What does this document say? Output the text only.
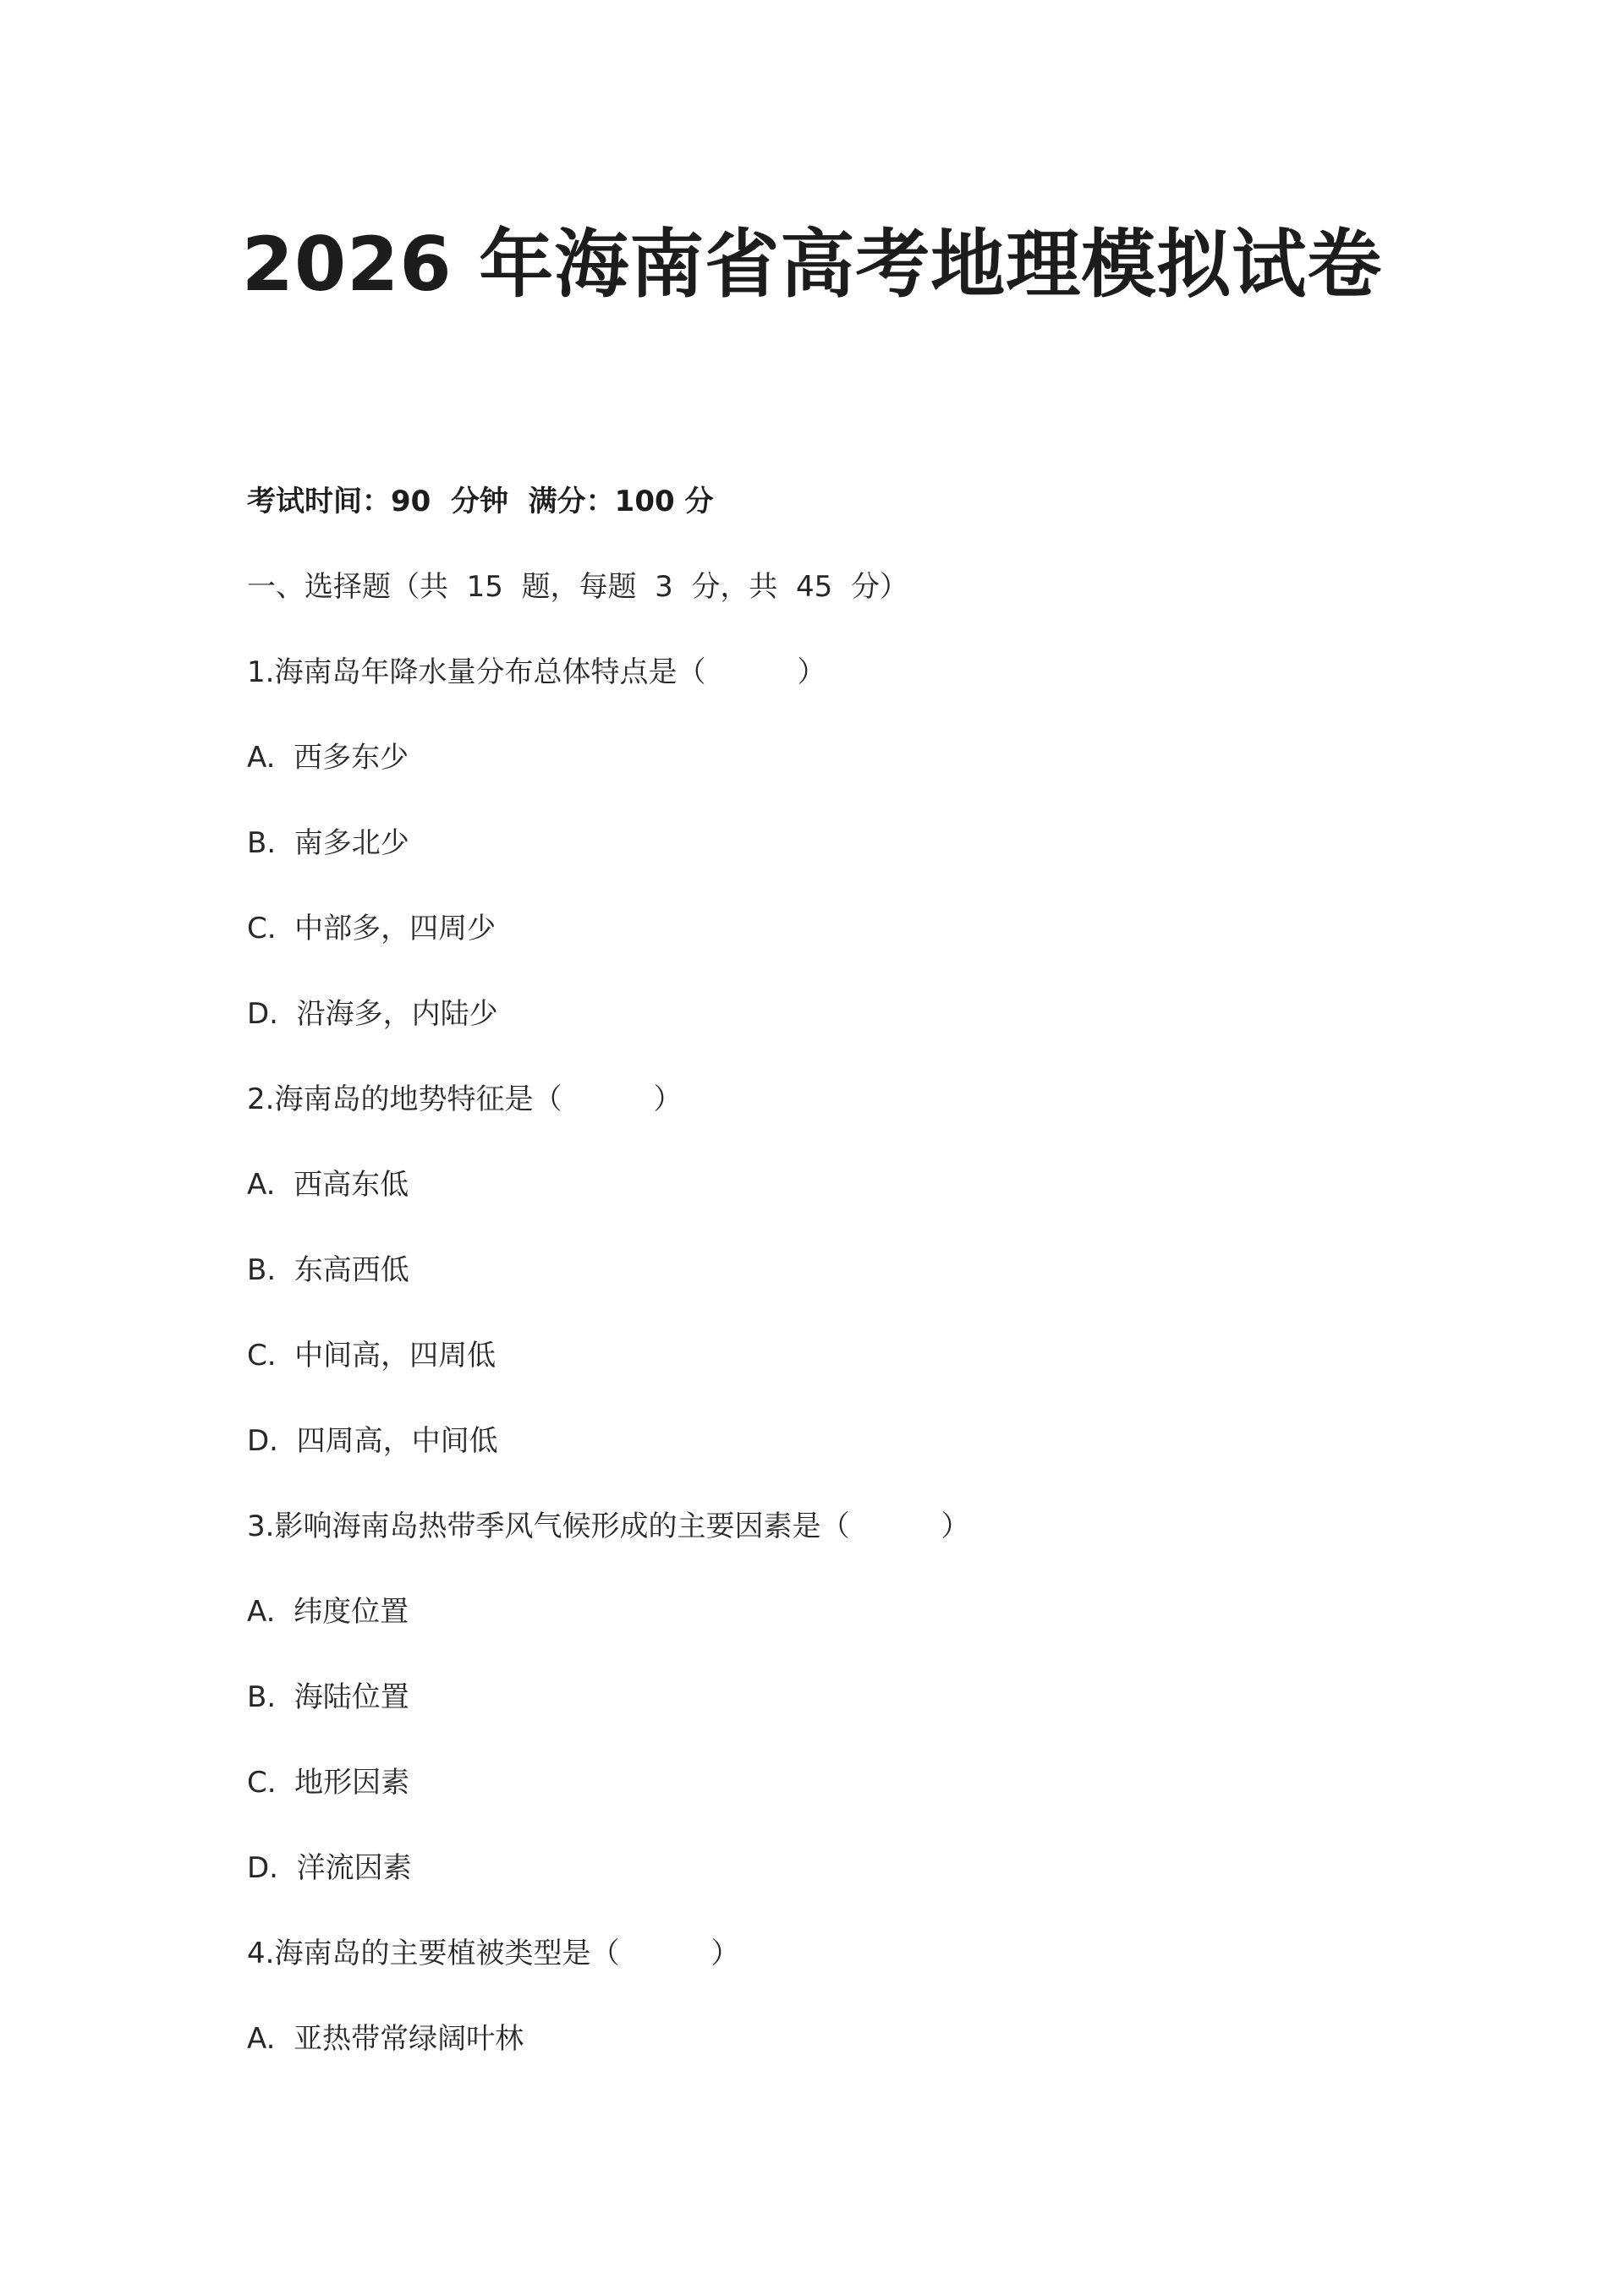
2026 年海南省高考地理模拟试卷
考试时间：90  分钟  满分：100 分
一、选择题（共  15  题，每题  3  分，共  45  分）
1.海南岛年降水量分布总体特点是（          ）
A.  西多东少
B.  南多北少
C.  中部多，四周少
D.  沿海多，内陆少
2.海南岛的地势特征是（          ）
A.  西高东低
B.  东高西低
C.  中间高，四周低
D.  四周高，中间低
3.影响海南岛热带季风气候形成的主要因素是（          ）
A.  纬度位置
B.  海陆位置
C.  地形因素
D.  洋流因素
4.海南岛的主要植被类型是（          ）
A.  亚热带常绿阔叶林
